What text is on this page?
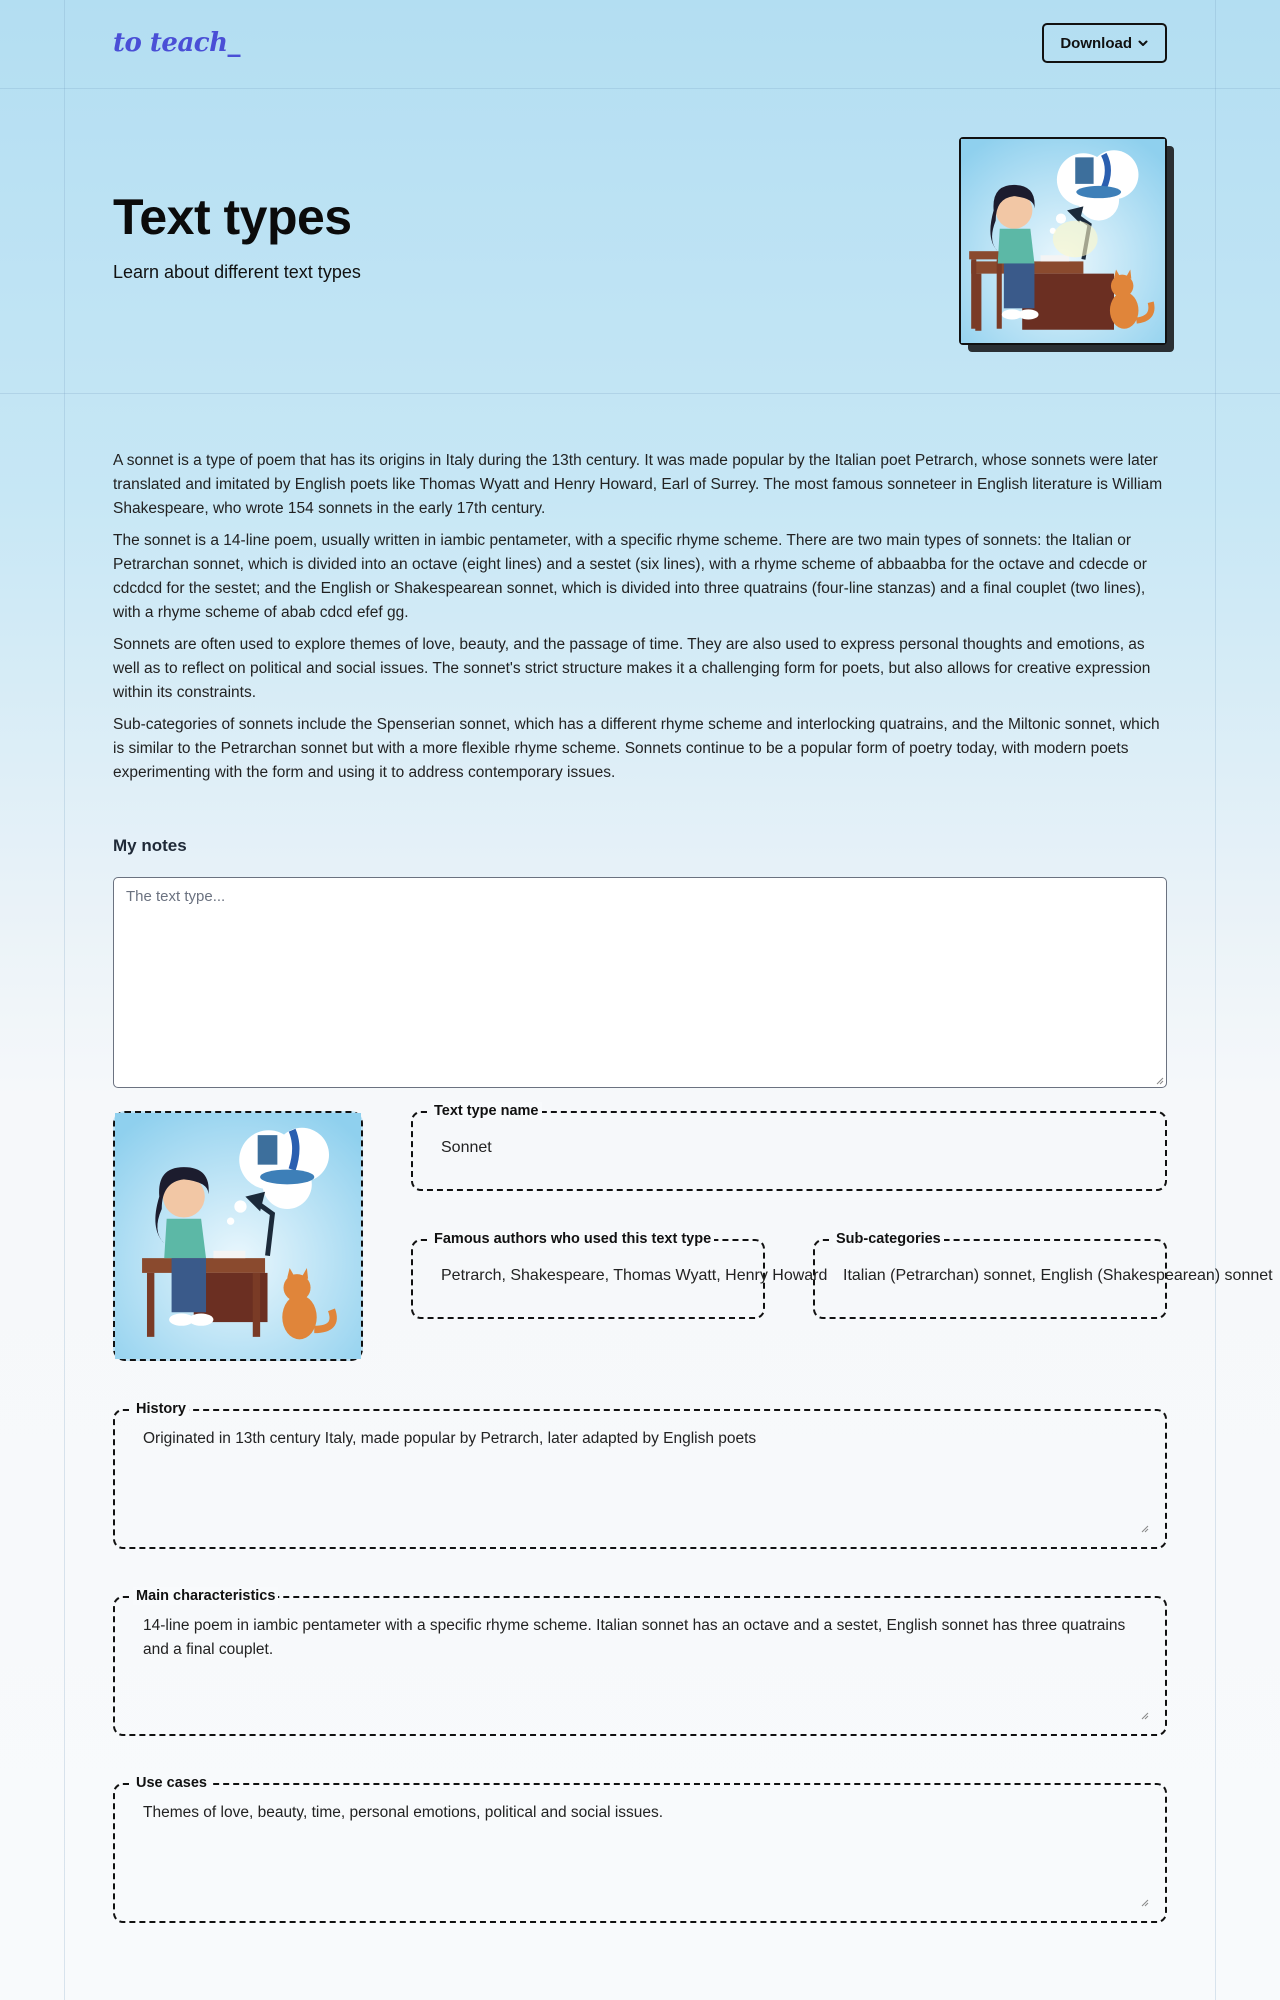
to teach_	Download
Text types
Learn about different text types

A sonnet is a type of poem that has its origins in Italy during the 13th century. It was made popular by the Italian poet Petrarch, whose sonnets were later translated and imitated by English poets like Thomas Wyatt and Henry Howard, Earl of Surrey. The most famous sonneteer in English literature is William Shakespeare, who wrote 154 sonnets in the early 17th century.

The sonnet is a 14-line poem, usually written in iambic pentameter, with a specific rhyme scheme. There are two main types of sonnets: the Italian or Petrarchan sonnet, which is divided into an octave (eight lines) and a sestet (six lines), with a rhyme scheme of abbaabba for the octave and cdecde or cdcdcd for the sestet; and the English or Shakespearean sonnet, which is divided into three quatrains (four-line stanzas) and a final couplet (two lines), with a rhyme scheme of abab cdcd efef gg.

Sonnets are often used to explore themes of love, beauty, and the passage of time. They are also used to express personal thoughts and emotions, as well as to reflect on political and social issues. The sonnet's strict structure makes it a challenging form for poets, but also allows for creative expression within its constraints.

Sub-categories of sonnets include the Spenserian sonnet, which has a different rhyme scheme and interlocking quatrains, and the Miltonic sonnet, which is similar to the Petrarchan sonnet but with a more flexible rhyme scheme. Sonnets continue to be a popular form of poetry today, with modern poets experimenting with the form and using it to address contemporary issues.

My notes
The text type...
Text type name
Sonnet
Famous authors who used this text type
Petrarch, Shakespeare, Thomas Wyatt, Henry Howard
Sub-categories
Italian (Petrarchan) sonnet, English (Shakespearean) sonnet
History
Originated in 13th century Italy, made popular by Petrarch, later adapted by English poets
Main characteristics
14-line poem in iambic pentameter with a specific rhyme scheme. Italian sonnet has an octave and a sestet, English sonnet has three quatrains and a final couplet.
Use cases
Themes of love, beauty, time, personal emotions, political and social issues.
